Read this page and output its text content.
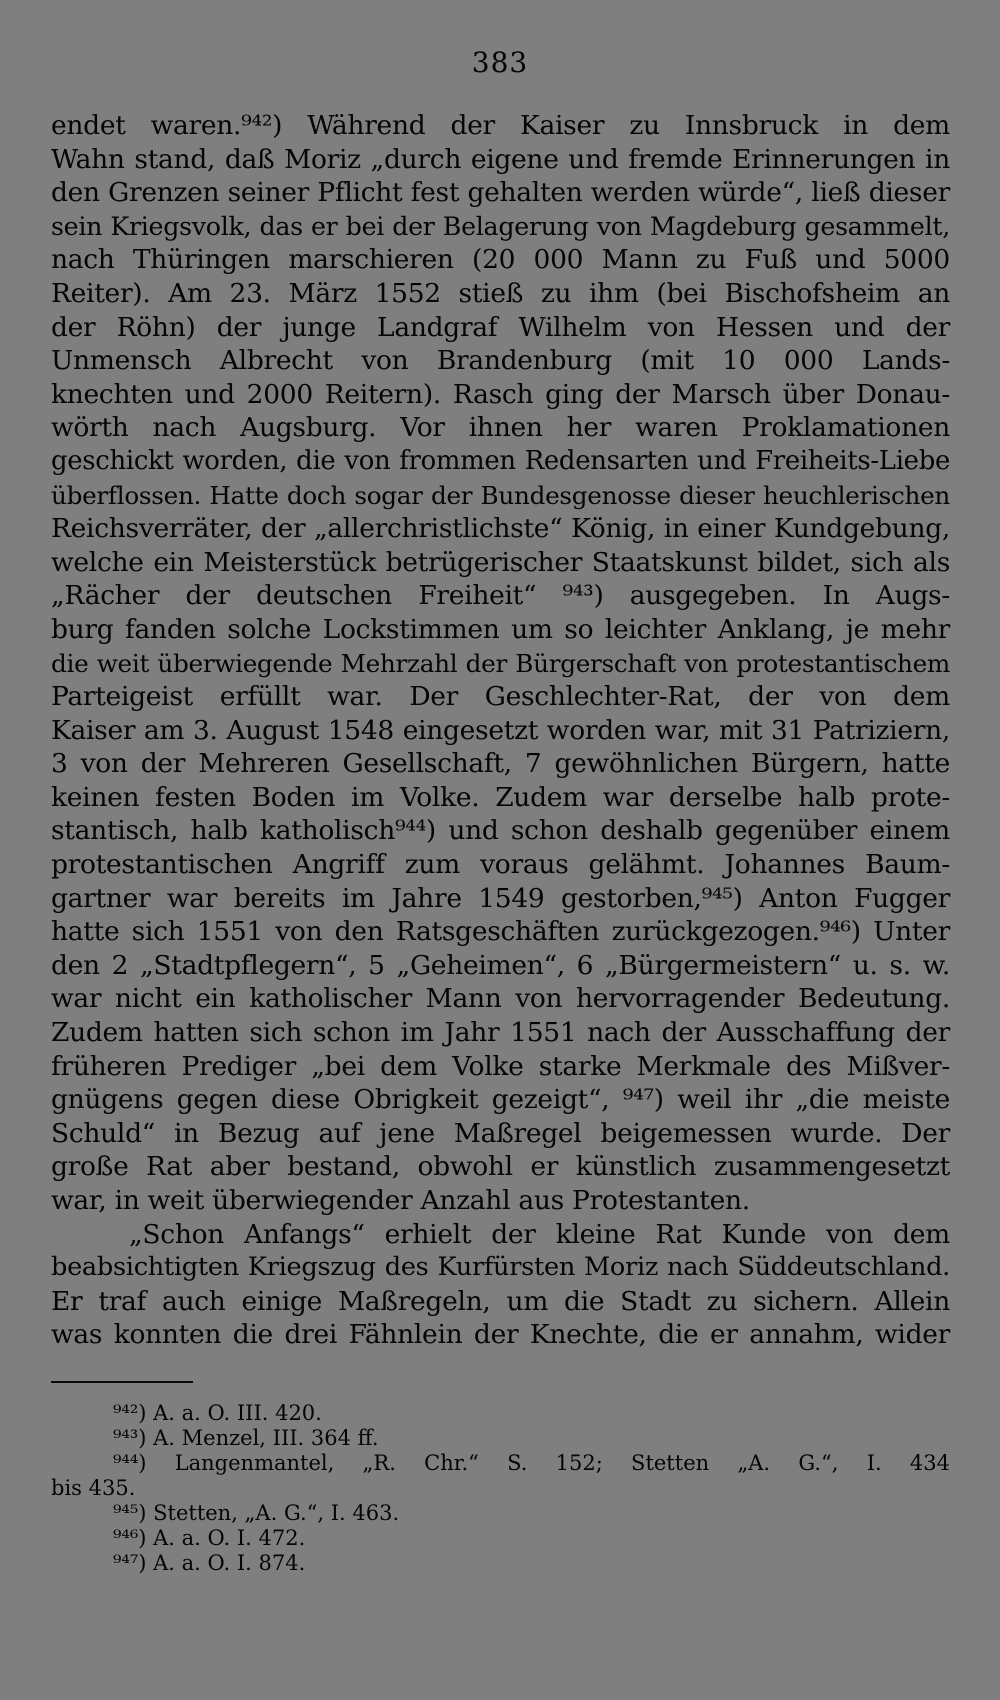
383
endet waren.⁹⁴²) Während der Kaiser zu Innsbruck in dem
Wahn stand, daß Moriz „durch eigene und fremde Erinnerungen in
den Grenzen seiner Pflicht fest gehalten werden würde“, ließ dieser
sein Kriegsvolk, das er bei der Belagerung von Magdeburg gesammelt,
nach Thüringen marschieren (20 000 Mann zu Fuß und 5000
Reiter). Am 23. März 1552 stieß zu ihm (bei Bischofsheim an
der Röhn) der junge Landgraf Wilhelm von Hessen und der
Unmensch Albrecht von Brandenburg (mit 10 000 Lands-
knechten und 2000 Reitern). Rasch ging der Marsch über Donau-
wörth nach Augsburg. Vor ihnen her waren Proklamationen
geschickt worden, die von frommen Redensarten und Freiheits-Liebe
überflossen. Hatte doch sogar der Bundesgenosse dieser heuchlerischen
Reichsverräter, der „allerchristlichste“ König, in einer Kundgebung,
welche ein Meisterstück betrügerischer Staatskunst bildet, sich als
„Rächer der deutschen Freiheit“ ⁹⁴³) ausgegeben. In Augs-
burg fanden solche Lockstimmen um so leichter Anklang, je mehr
die weit überwiegende Mehrzahl der Bürgerschaft von protestantischem
Parteigeist erfüllt war. Der Geschlechter-Rat, der von dem
Kaiser am 3. August 1548 eingesetzt worden war, mit 31 Patriziern,
3 von der Mehreren Gesellschaft, 7 gewöhnlichen Bürgern, hatte
keinen festen Boden im Volke. Zudem war derselbe halb prote-
stantisch, halb katholisch⁹⁴⁴) und schon deshalb gegenüber einem
protestantischen Angriff zum voraus gelähmt. Johannes Baum-
gartner war bereits im Jahre 1549 gestorben,⁹⁴⁵) Anton Fugger
hatte sich 1551 von den Ratsgeschäften zurückgezogen.⁹⁴⁶) Unter
den 2 „Stadtpflegern“, 5 „Geheimen“, 6 „Bürgermeistern“ u. s. w.
war nicht ein katholischer Mann von hervorragender Bedeutung.
Zudem hatten sich schon im Jahr 1551 nach der Ausschaffung der
früheren Prediger „bei dem Volke starke Merkmale des Mißver-
gnügens gegen diese Obrigkeit gezeigt“, ⁹⁴⁷) weil ihr „die meiste
Schuld“ in Bezug auf jene Maßregel beigemessen wurde. Der
große Rat aber bestand, obwohl er künstlich zusammengesetzt
war, in weit überwiegender Anzahl aus Protestanten.
„Schon Anfangs“ erhielt der kleine Rat Kunde von dem
beabsichtigten Kriegszug des Kurfürsten Moriz nach Süddeutschland.
Er traf auch einige Maßregeln, um die Stadt zu sichern. Allein
was konnten die drei Fähnlein der Knechte, die er annahm, wider
⁹⁴²) A. a. O. III. 420.
⁹⁴³) A. Menzel, III. 364 ff.
⁹⁴⁴) Langenmantel, „R. Chr.“ S. 152; Stetten „A. G.“, I. 434
bis 435.
⁹⁴⁵) Stetten, „A. G.“, I. 463.
⁹⁴⁶) A. a. O. I. 472.
⁹⁴⁷) A. a. O. I. 874.
